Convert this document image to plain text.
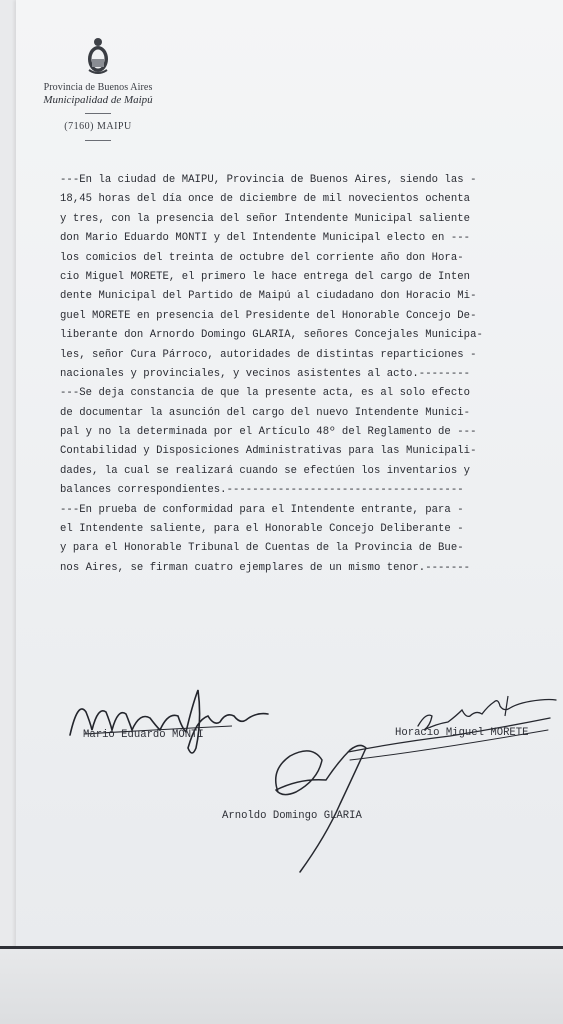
Provincia de Buenos Aires
Municipalidad de Maipú
(7160) MAIPU
---En la ciudad de MAIPU, Provincia de Buenos Aires, siendo las -
18,45 horas del día once de diciembre de mil novecientos ochenta
y tres, con la presencia del señor Intendente Municipal saliente
don Mario Eduardo MONTI y del Intendente Municipal electo en ---
los comicios del treinta de octubre del corriente año don Hora-
cio Miguel MORETE, el primero le hace entrega del cargo de Inten
dente Municipal del Partido de Maipú al ciudadano don Horacio Mi-
guel MORETE en presencia del Presidente del Honorable Concejo De-
liberante don Arnordo Domingo GLARIA, señores Concejales Municipa-
les, señor Cura Párroco, autoridades de distintas reparticiones -
nacionales y provinciales, y vecinos asistentes al acto.--------
---Se deja constancia de que la presente acta, es al solo efecto
de documentar la asunción del cargo del nuevo Intendente Munici-
pal y no la determinada por el Artículo 48º del Reglamento de ---
Contabilidad y Disposiciones Administrativas para las Municipali-
dades, la cual se realizará cuando se efectúen los inventarios y
balances correspondientes.-------------------------------------
---En prueba de conformidad para el Intendente entrante, para -
el Intendente saliente, para el Honorable Concejo Deliberante -
y para el Honorable Tribunal de Cuentas de la Provincia de Bue-
nos Aires, se firman cuatro ejemplares de un mismo tenor.-------
Mario Eduardo MONTI	Horacio Miguel MORETE
Arnoldo Domingo GLARIA
